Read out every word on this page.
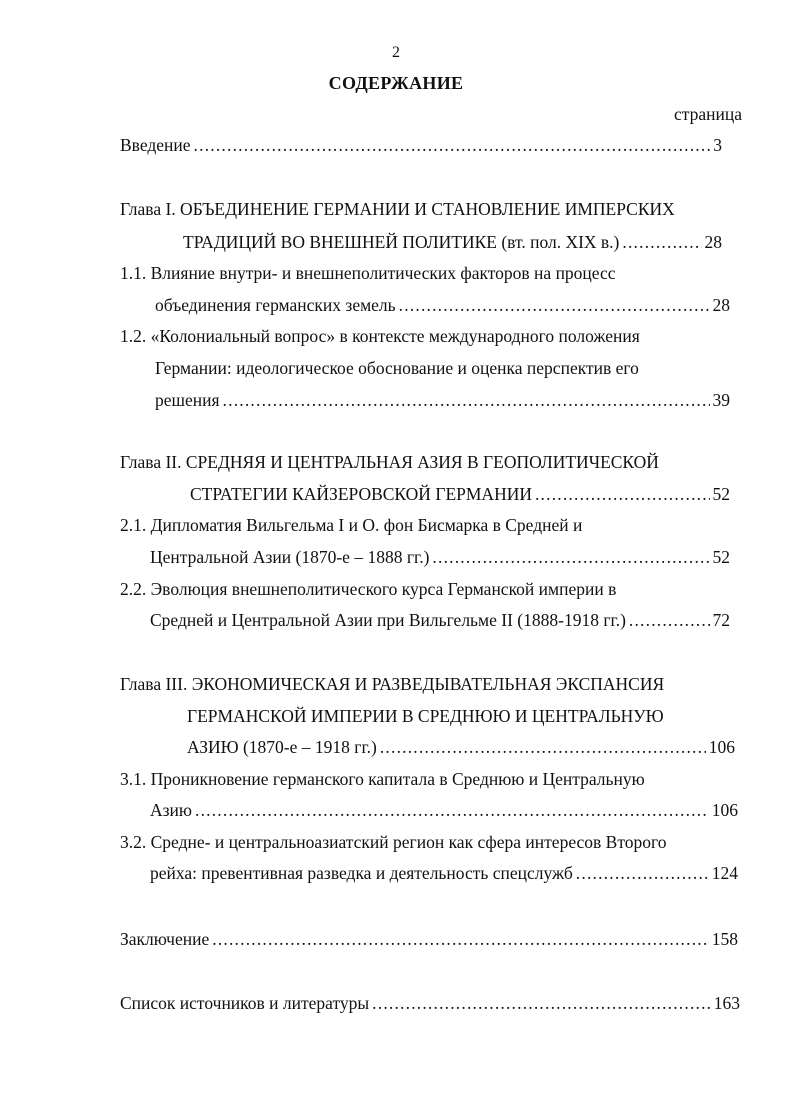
2
СОДЕРЖАНИЕ
страница
Введение .....	3
Глава I. ОБЪЕДИНЕНИЕ ГЕРМАНИИ И СТАНОВЛЕНИЕ ИМПЕРСКИХ
ТРАДИЦИЙ ВО ВНЕШНЕЙ ПОЛИТИКЕ (вт. пол. XIX в.) .....	28
1.1. Влияние внутри- и внешнеполитических факторов на процесс
объединения германских земель .....	28
1.2. «Колониальный вопрос» в контексте международного положения
Германии: идеологическое обоснование и оценка перспектив его
решения .....	39
Глава II. СРЕДНЯЯ И ЦЕНТРАЛЬНАЯ АЗИЯ В ГЕОПОЛИТИЧЕСКОЙ
СТРАТЕГИИ КАЙЗЕРОВСКОЙ ГЕРМАНИИ .....	52
2.1. Дипломатия Вильгельма I и О. фон Бисмарка в Средней и
Центральной Азии (1870-е – 1888 гг.) .....	52
2.2. Эволюция внешнеполитического курса Германской империи в
Средней и Центральной Азии при Вильгельме II (1888-1918 гг.) .....	72
Глава III. ЭКОНОМИЧЕСКАЯ И РАЗВЕДЫВАТЕЛЬНАЯ ЭКСПАНСИЯ
ГЕРМАНСКОЙ ИМПЕРИИ В СРЕДНЮЮ И ЦЕНТРАЛЬНУЮ
АЗИЮ (1870-е – 1918 гг.) .....	106
3.1. Проникновение германского капитала в Среднюю и Центральную
Азию .....	106
3.2. Средне- и центральноазиатский регион как сфера интересов Второго
рейха: превентивная разведка и деятельность спецслужб .....	124
Заключение .....	158
Список источников и литературы .....	163
